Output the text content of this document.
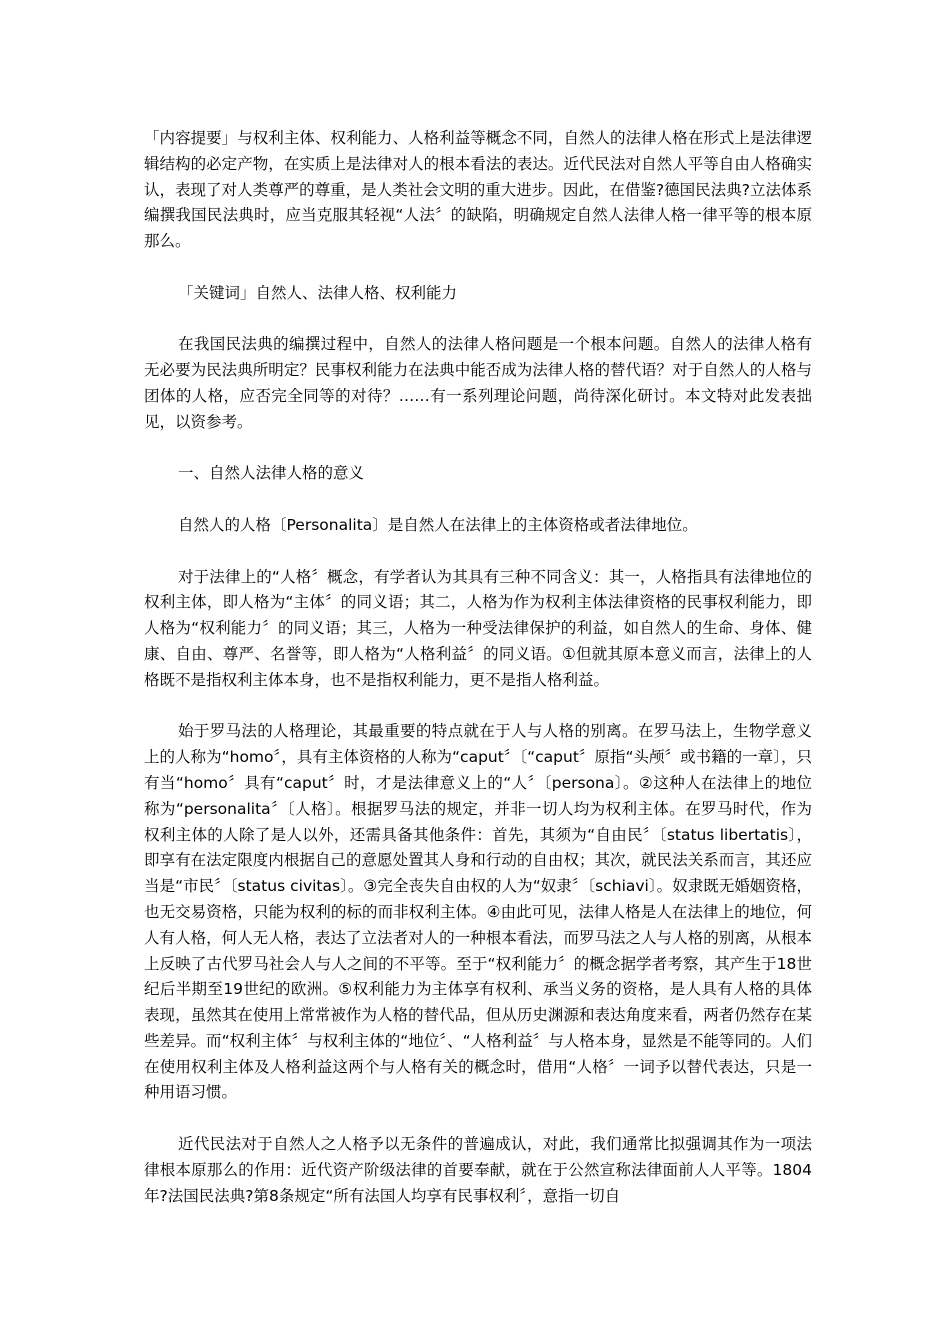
「内容提要」与权利主体、权利能力、人格利益等概念不同，自然人的法律人格在形式上是法律逻辑结构的必定产物，在实质上是法律对人的根本看法的表达。近代民法对自然人平等自由人格确实认，表现了对人类尊严的尊重，是人类社会文明的重大进步。因此，在借鉴?德国民法典?立法体系编撰我国民法典时，应当克服其轻视“人法〞的缺陷，明确规定自然人法律人格一律平等的根本原那么。

「关键词」自然人、法律人格、权利能力

在我国民法典的编撰过程中，自然人的法律人格问题是一个根本问题。自然人的法律人格有无必要为民法典所明定？民事权利能力在法典中能否成为法律人格的替代语？对于自然人的人格与团体的人格，应否完全同等的对待？……有一系列理论问题，尚待深化研讨。本文特对此发表拙见，以资参考。

一、自然人法律人格的意义

自然人的人格〔Personalita〕是自然人在法律上的主体资格或者法律地位。

对于法律上的“人格〞概念，有学者认为其具有三种不同含义：其一，人格指具有法律地位的权利主体，即人格为“主体〞的同义语；其二，人格为作为权利主体法律资格的民事权利能力，即人格为“权利能力〞的同义语；其三，人格为一种受法律保护的利益，如自然人的生命、身体、健康、自由、尊严、名誉等，即人格为“人格利益〞的同义语。①但就其原本意义而言，法律上的人格既不是指权利主体本身，也不是指权利能力，更不是指人格利益。

始于罗马法的人格理论，其最重要的特点就在于人与人格的别离。在罗马法上，生物学意义上的人称为“homo〞，具有主体资格的人称为“caput〞〔“caput〞原指“头颅〞或书籍的一章〕，只有当“homo〞具有“caput〞时，才是法律意义上的“人〞〔persona〕。②这种人在法律上的地位称为“personalita〞〔人格〕。根据罗马法的规定，并非一切人均为权利主体。在罗马时代，作为权利主体的人除了是人以外，还需具备其他条件：首先，其须为“自由民〞〔status libertatis〕，即享有在法定限度内根据自己的意愿处置其人身和行动的自由权；其次，就民法关系而言，其还应当是“市民〞〔status civitas〕。③完全丧失自由权的人为“奴隶〞〔schiavi〕。奴隶既无婚姻资格，也无交易资格，只能为权利的标的而非权利主体。④由此可见，法律人格是人在法律上的地位，何人有人格，何人无人格，表达了立法者对人的一种根本看法，而罗马法之人与人格的别离，从根本上反映了古代罗马社会人与人之间的不平等。至于“权利能力〞的概念据学者考察，其产生于18世纪后半期至19世纪的欧洲。⑤权利能力为主体享有权利、承当义务的资格，是人具有人格的具体表现，虽然其在使用上常常被作为人格的替代品，但从历史渊源和表达角度来看，两者仍然存在某些差异。而“权利主体〞与权利主体的“地位〞、“人格利益〞与人格本身，显然是不能等同的。人们在使用权利主体及人格利益这两个与人格有关的概念时，借用“人格〞一词予以替代表达，只是一种用语习惯。

近代民法对于自然人之人格予以无条件的普遍成认，对此，我们通常比拟强调其作为一项法律根本原那么的作用：近代资产阶级法律的首要奉献，就在于公然宣称法律面前人人平等。1804年?法国民法典?第8条规定“所有法国人均享有民事权利〞，意指一切自
